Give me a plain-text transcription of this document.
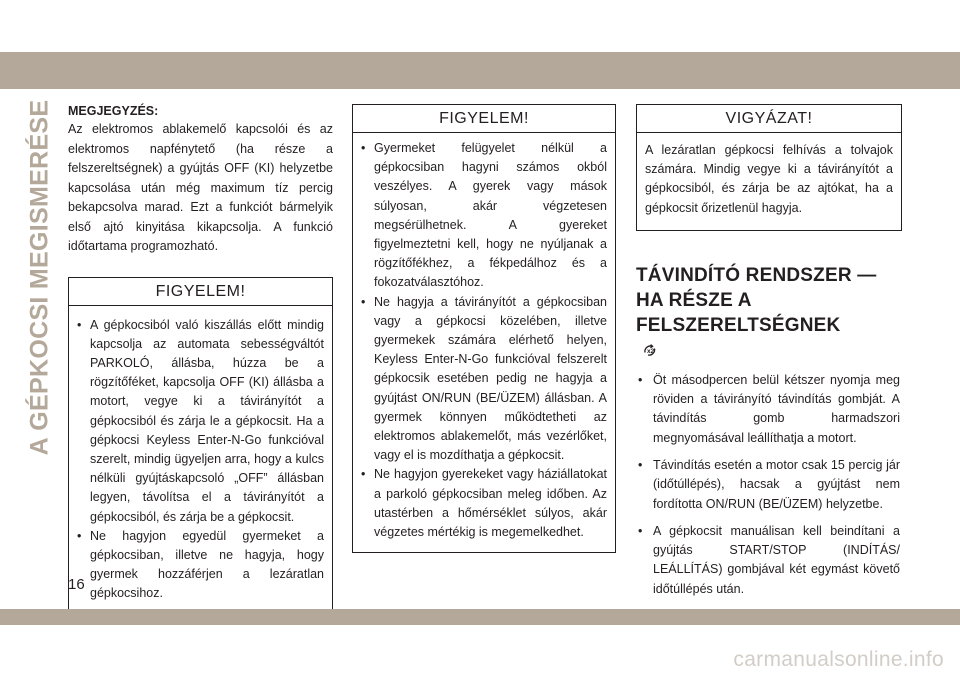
A GÉPKOCSI MEGISMERÉSE MEGJEGYZÉS:

Az elektromos ablakemelő kapcsolói és az elektromos napfénytető (ha része a felszereltségnek) a gyújtás OFF (KI) helyzetbe kapcsolása után még maximum tíz percig bekapcsolva marad. Ezt a funkciót bármelyik első ajtó kinyitása kikapcsolja. A funkció időtartama programozható.

FIGYELEM!
• A gépkocsiból való kiszállás előtt mindig kapcsolja az automata sebességváltót PARKOLÓ, állásba, húzza be a rögzítőféket, kapcsolja OFF (KI) állásba a motort, vegye ki a távirányítót a gépkocsiból és zárja le a gépkocsit. Ha a gépkocsi Keyless Enter-N-Go funkcióval szerelt, mindig ügyeljen arra, hogy a kulcs nélküli gyújtáskapcsoló „OFF” állásban legyen, távolítsa el a távirányítót a gépkocsiból, és zárja be a gépkocsit.
• Ne hagyjon egyedül gyermeket a gépkocsiban, illetve ne hagyja, hogy gyermek hozzáférjen a lezáratlan gépkocsihoz.
FIGYELEM!
• Gyermeket felügyelet nélkül a gépkocsiban hagyni számos okból veszélyes. A gyerek vagy mások súlyosan, akár végzetesen megsérülhetnek. A gyereket figyelmeztetni kell, hogy ne nyúljanak a rögzítőfékhez, a fékpedálhoz és a fokozatválasztóhoz.
• Ne hagyja a távirányítót a gépkocsiban vagy a gépkocsi közelében, illetve gyermekek számára elérhető helyen, Keyless Enter-N-Go funkcióval felszerelt gépkocsik esetében pedig ne hagyja a gyújtást ON/RUN (BE/ÜZEM) állásban. A gyermek könnyen működtetheti az elektromos ablakemelőt, más vezérlőket, vagy el is mozdíthatja a gépkocsit.
• Ne hagyjon gyerekeket vagy háziállatokat a parkoló gépkocsiban meleg időben. Az utastérben a hőmérséklet súlyos, akár végzetes mértékig is megemelkedhet.
VIGYÁZAT!

A lezáratlan gépkocsi felhívás a tolvajok számára. Mindig vegye ki a távirányítót a gépkocsiból, és zárja be az ajtókat, ha a gépkocsit őrizetlenül hagyja.

TÁVINDÍTÓ RENDSZER — HA RÉSZE A FELSZERELTSÉGNEK
x2
• Öt másodpercen belül kétszer nyomja meg röviden a távirányító távindítás gombját. A távindítás gomb harmadszori megnyomásával leállíthatja a motort.
• Távindítás esetén a motor csak 15 percig jár (időtúllépés), hacsak a gyújtást nem fordította ON/RUN (BE/ÜZEM) helyzetbe.
• A gépkocsit manuálisan kell beindítani a gyújtás START/STOP (INDÍTÁS/ LEÁLLÍTÁS) gombjával két egymást követő időtúllépés után.
16
carmanualsonline.info
